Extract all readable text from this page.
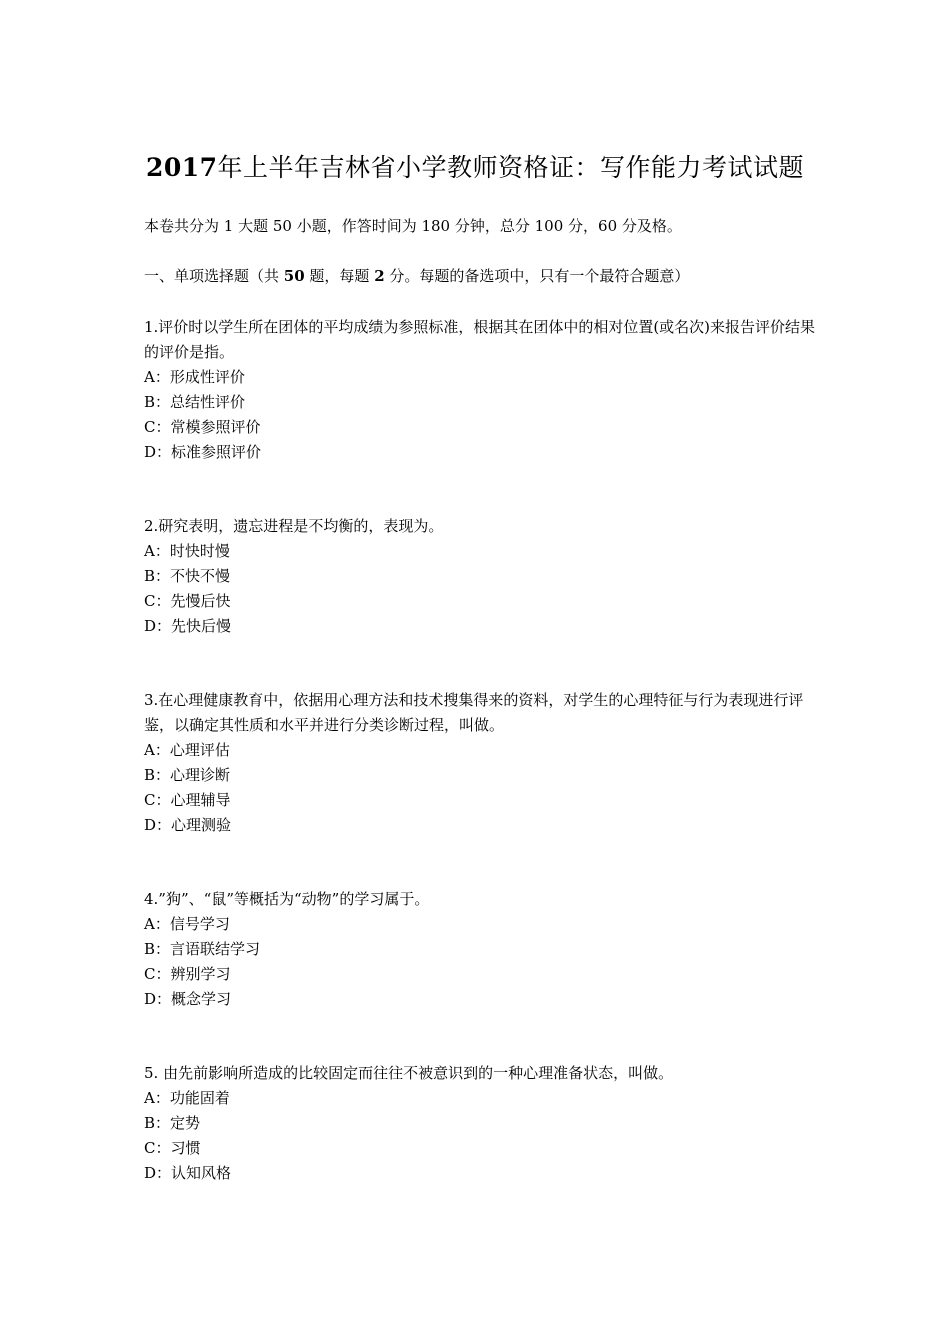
2017年上半年吉林省小学教师资格证：写作能力考试试题
本卷共分为 1 大题 50 小题，作答时间为 180 分钟，总分 100 分，60 分及格。
一、单项选择题（共 50 题，每题 2 分。每题的备选项中，只有一个最符合题意）

1.评价时以学生所在团体的平均成绩为参照标准，根据其在团体中的相对位置(或名次)来报告评价结果的评价是指。

A：形成性评价

B：总结性评价

C：常模参照评价

D：标准参照评价

2.研究表明，遗忘进程是不均衡的，表现为。

A：时快时慢

B：不快不慢

C：先慢后快

D：先快后慢

3.在心理健康教育中，依据用心理方法和技术搜集得来的资料，对学生的心理特征与行为表现进行评鉴，以确定其性质和水平并进行分类诊断过程，叫做。

A：心理评估

B：心理诊断

C：心理辅导

D：心理测验

4.”狗”、“鼠”等概括为“动物”的学习属于。

A：信号学习

B：言语联结学习

C：辨别学习

D：概念学习

5. 由先前影响所造成的比较固定而往往不被意识到的一种心理准备状态，叫做。

A：功能固着

B：定势

C：习惯

D：认知风格
